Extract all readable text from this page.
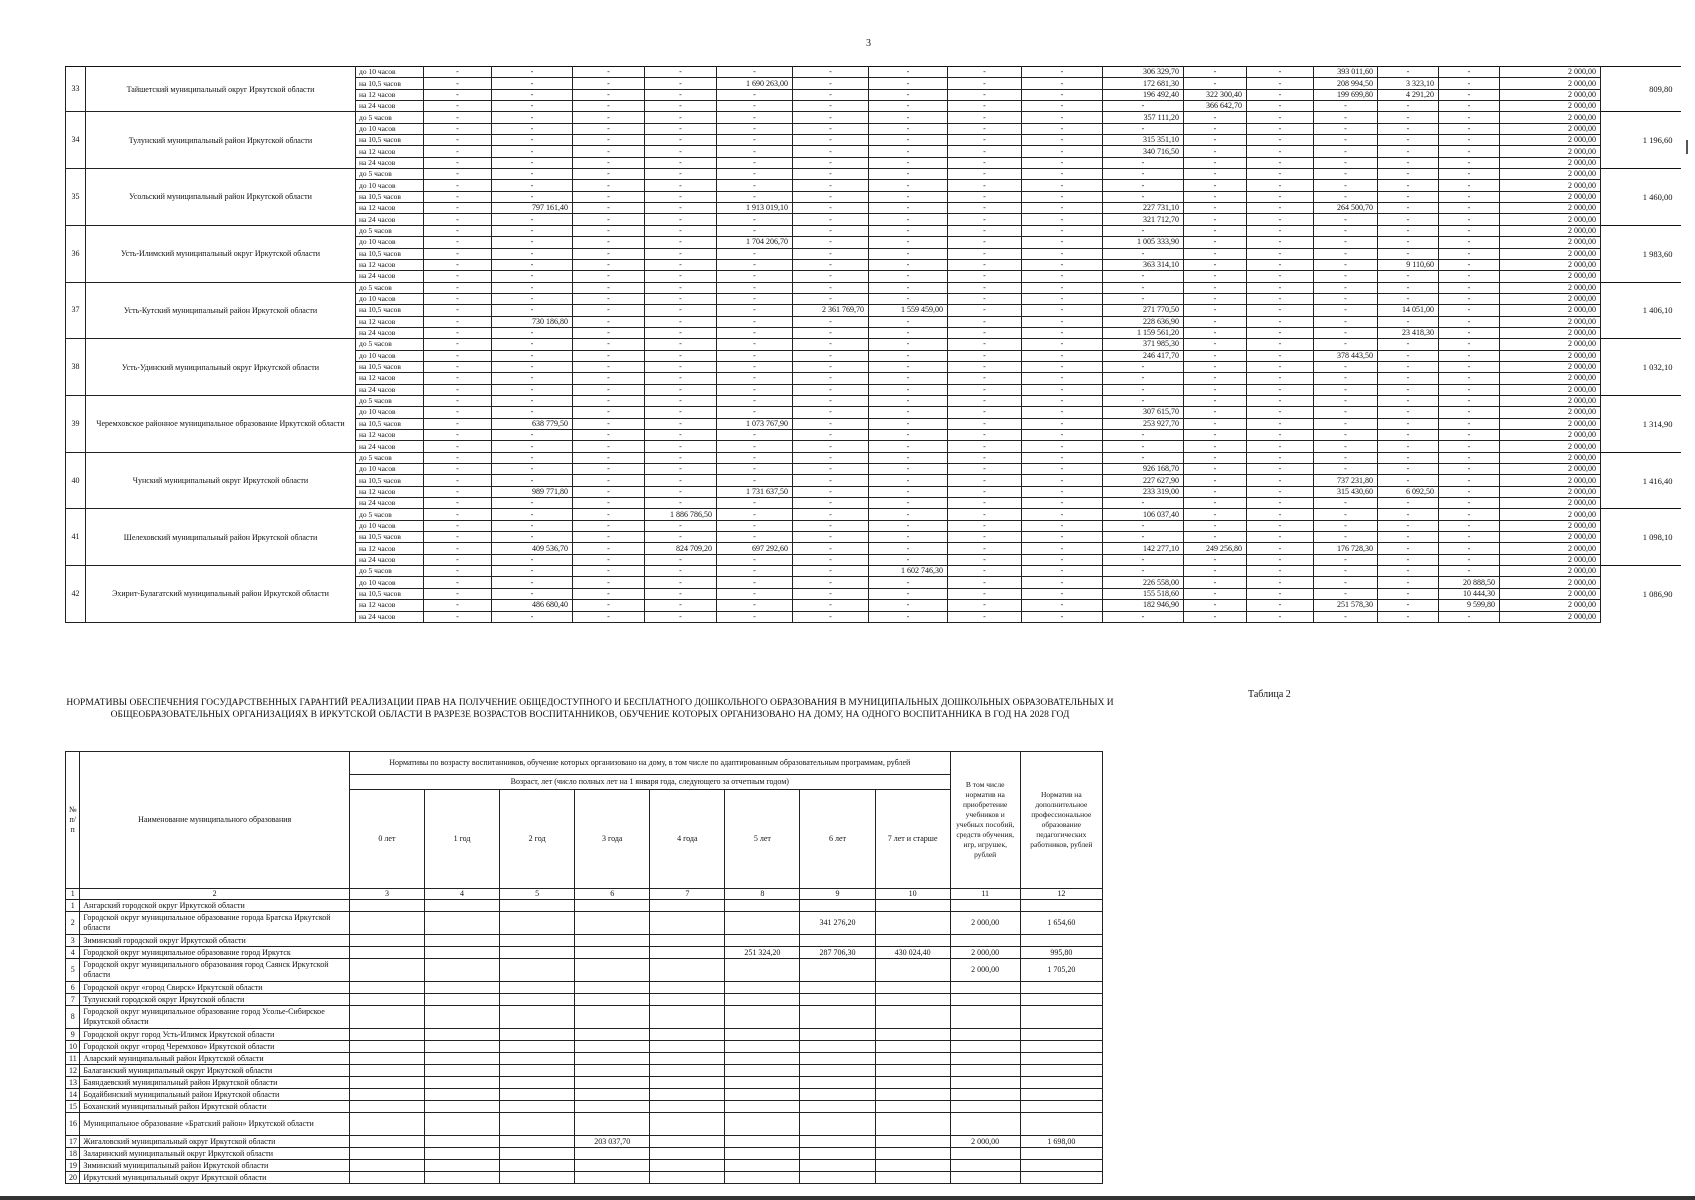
3
33	Тайшетский муниципальный округ Иркутской области	до 10 часов	-	-	-	-	-	-	-	-	-	306 329,70	-	-	393 011,60	-	-	2 000,00	809,80
		на 10,5 часов	-	-	-	-	1 690 263,00	-	-	-	-	172 681,30	-	-	208 994,50	3 323,10	-	2 000,00	
		на 12 часов	-	-	-	-	-	-	-	-	-	196 492,40	322 300,40	-	199 699,80	4 291,20	-	2 000,00	
		на 24 часов	-	-	-	-	-	-	-	-	-	-	366 642,70	-	-	-	-	2 000,00	
34	Тулунский муниципальный район Иркутской области	до 5 часов	-	-	-	-	-	-	-	-	-	357 111,20	-	-	-	-	-	2 000,00	1 196,60
		до 10 часов	-	-	-	-	-	-	-	-	-	-	-	-	-	-	-	2 000,00	
		на 10,5 часов	-	-	-	-	-	-	-	-	-	315 351,10	-	-	-	-	-	2 000,00	
		на 12 часов	-	-	-	-	-	-	-	-	-	340 716,50	-	-	-	-	-	2 000,00	
		на 24 часов	-	-	-	-	-	-	-	-	-	-	-	-	-	-	-	2 000,00	
35	Усольский муниципальный район Иркутской области	до 5 часов	-	-	-	-	-	-	-	-	-	-	-	-	-	-	-	2 000,00	1 460,00
		до 10 часов	-	-	-	-	-	-	-	-	-	-	-	-	-	-	-	2 000,00	
		на 10,5 часов	-	-	-	-	-	-	-	-	-	-	-	-	-	-	-	2 000,00	
		на 12 часов	-	797 161,40	-	-	1 913 019,10	-	-	-	-	227 731,10	-	-	264 500,70	-	-	2 000,00	
		на 24 часов	-	-	-	-	-	-	-	-	-	321 712,70	-	-	-	-	-	2 000,00	
36	Усть-Илимский муниципальный округ Иркутской области	до 5 часов	-	-	-	-	-	-	-	-	-	-	-	-	-	-	-	2 000,00	1 983,60
		до 10 часов	-	-	-	-	1 704 206,70	-	-	-	-	1 005 333,90	-	-	-	-	-	2 000,00	
		на 10,5 часов	-	-	-	-	-	-	-	-	-	-	-	-	-	-	-	2 000,00	
		на 12 часов	-	-	-	-	-	-	-	-	-	363 314,10	-	-	-	9 110,60	-	2 000,00	
		на 24 часов	-	-	-	-	-	-	-	-	-	-	-	-	-	-	-	2 000,00	
37	Усть-Кутский муниципальный район Иркутской области	до 5 часов	-	-	-	-	-	-	-	-	-	-	-	-	-	-	-	2 000,00	1 406,10
		до 10 часов	-	-	-	-	-	-	-	-	-	-	-	-	-	-	-	2 000,00	
		на 10,5 часов	-	-	-	-	-	2 361 769,70	1 559 459,00	-	-	271 770,50	-	-	-	14 051,00	-	2 000,00	
		на 12 часов	-	730 186,80	-	-	-	-	-	-	-	228 636,90	-	-	-	-	-	2 000,00	
		на 24 часов	-	-	-	-	-	-	-	-	-	1 159 561,20	-	-	-	23 418,30	-	2 000,00	
38	Усть-Удинский муниципальный округ Иркутской области	до 5 часов	-	-	-	-	-	-	-	-	-	371 985,30	-	-	-	-	-	2 000,00	1 032,10
		до 10 часов	-	-	-	-	-	-	-	-	-	246 417,70	-	-	378 443,50	-	-	2 000,00	
		на 10,5 часов	-	-	-	-	-	-	-	-	-	-	-	-	-	-	-	2 000,00	
		на 12 часов	-	-	-	-	-	-	-	-	-	-	-	-	-	-	-	2 000,00	
		на 24 часов	-	-	-	-	-	-	-	-	-	-	-	-	-	-	-	2 000,00	
39	Черемховское районное муниципальное образование Иркутской области	до 5 часов	-	-	-	-	-	-	-	-	-	-	-	-	-	-	-	2 000,00	1 314,90
		до 10 часов	-	-	-	-	-	-	-	-	-	307 615,70	-	-	-	-	-	2 000,00	
		на 10,5 часов	-	638 779,50	-	-	1 073 767,90	-	-	-	-	253 927,70	-	-	-	-	-	2 000,00	
		на 12 часов	-	-	-	-	-	-	-	-	-	-	-	-	-	-	-	2 000,00	
		на 24 часов	-	-	-	-	-	-	-	-	-	-	-	-	-	-	-	2 000,00	
40	Чунский муниципальный округ Иркутской области	до 5 часов	-	-	-	-	-	-	-	-	-	-	-	-	-	-	-	2 000,00	1 416,40
		до 10 часов	-	-	-	-	-	-	-	-	-	926 168,70	-	-	-	-	-	2 000,00	
		на 10,5 часов	-	-	-	-	-	-	-	-	-	227 627,90	-	-	737 231,80	-	-	2 000,00	
		на 12 часов	-	989 771,80	-	-	1 731 637,50	-	-	-	-	233 319,00	-	-	315 430,60	6 092,50	-	2 000,00	
		на 24 часов	-	-	-	-	-	-	-	-	-	-	-	-	-	-	-	2 000,00	
41	Шелеховский муниципальный район Иркутской области	до 5 часов	-	-	-	1 886 786,50	-	-	-	-	-	106 037,40	-	-	-	-	-	2 000,00	1 098,10
		до 10 часов	-	-	-	-	-	-	-	-	-	-	-	-	-	-	-	2 000,00	
		на 10,5 часов	-	-	-	-	-	-	-	-	-	-	-	-	-	-	-	2 000,00	
		на 12 часов	-	409 536,70	-	824 709,20	697 292,60	-	-	-	-	142 277,10	249 256,80	-	176 728,30	-	-	2 000,00	
		на 24 часов	-	-	-	-	-	-	-	-	-	-	-	-	-	-	-	2 000,00	
42	Эхирит-Булагатский муниципальный район Иркутской области	до 5 часов	-	-	-	-	-	-	1 602 746,30	-	-	-	-	-	-	-	-	2 000,00	1 086,90
		до 10 часов	-	-	-	-	-	-	-	-	-	226 558,00	-	-	-	-	20 888,50	2 000,00	
		на 10,5 часов	-	-	-	-	-	-	-	-	-	155 518,60	-	-	-	-	10 444,30	2 000,00	
		на 12 часов	-	486 680,40	-	-	-	-	-	-	-	182 946,90	-	-	251 578,30	-	9 599,80	2 000,00	
		на 24 часов	-	-	-	-	-	-	-	-	-	-	-	-	-	-	-	2 000,00	
Таблица 2
НОРМАТИВЫ ОБЕСПЕЧЕНИЯ ГОСУДАРСТВЕННЫХ ГАРАНТИЙ РЕАЛИЗАЦИИ ПРАВ НА ПОЛУЧЕНИЕ ОБЩЕДОСТУПНОГО И БЕСПЛАТНОГО ДОШКОЛЬНОГО ОБРАЗОВАНИЯ В МУНИЦИПАЛЬНЫХ ДОШКОЛЬНЫХ ОБРАЗОВАТЕЛЬНЫХ И ОБЩЕОБРАЗОВАТЕЛЬНЫХ ОРГАНИЗАЦИЯХ В ИРКУТСКОЙ ОБЛАСТИ В РАЗРЕЗЕ ВОЗРАСТОВ ВОСПИТАННИКОВ, ОБУЧЕНИЕ КОТОРЫХ ОРГАНИЗОВАНО НА ДОМУ, НА ОДНОГО ВОСПИТАННИКА В ГОД НА 2028 ГОД
№ п/п	Наименование муниципального образования	Нормативы по возрасту воспитанников, обучение которых организовано на дому, в том числе по адаптированным образовательным программам, рублей								В том числе норматив на приобретение учебников и учебных пособий, средств обучения, игр, игрушек, рублей	Норматив на дополнительное профессиональное образование педагогических работников, рублей
		Возраст, лет (число полных лет на 1 января года, следующего за отчетным годом)									
		0 лет	1 год	2 год	3 года	4 года	5 лет	6 лет	7 лет и старше		
1	2	3	4	5	6	7	8	9	10	11	12
1	Ангарский городской округ Иркутской области										
2	Городской округ муниципальное образование города Братска Иркутской области							341 276,20		2 000,00	1 654,60
3	Зиминский городской округ Иркутской области										
4	Городской округ муниципальное образование город Иркутск						251 324,20	287 706,30	430 024,40	2 000,00	995,80
5	Городской округ муниципального образования город Саянск Иркутской области									2 000,00	1 705,20
6	Городской округ «город Свирск» Иркутской области										
7	Тулунский городской округ Иркутской области										
8	Городской округ муниципальное образование город Усолье-Сибирское Иркутской области										
9	Городской округ город Усть-Илимск Иркутской области										
10	Городской округ «город Черемхово» Иркутской области										
11	Аларский муниципальный район Иркутской области										
12	Балаганский муниципальный округ Иркутской области										
13	Баяндаевский муниципальный район Иркутской области										
14	Бодайбинский муниципальный район Иркутской области										
15	Боханский муниципальный район Иркутской области										
16	Муниципальное образование «Братский район» Иркутской области										
17	Жигаловский муниципальный округ Иркутской области				203 037,70					2 000,00	1 698,00
18	Заларинский муниципальный округ Иркутской области										
19	Зиминский муниципальный район Иркутской области										
20	Иркутский муниципальный округ Иркутской области										
